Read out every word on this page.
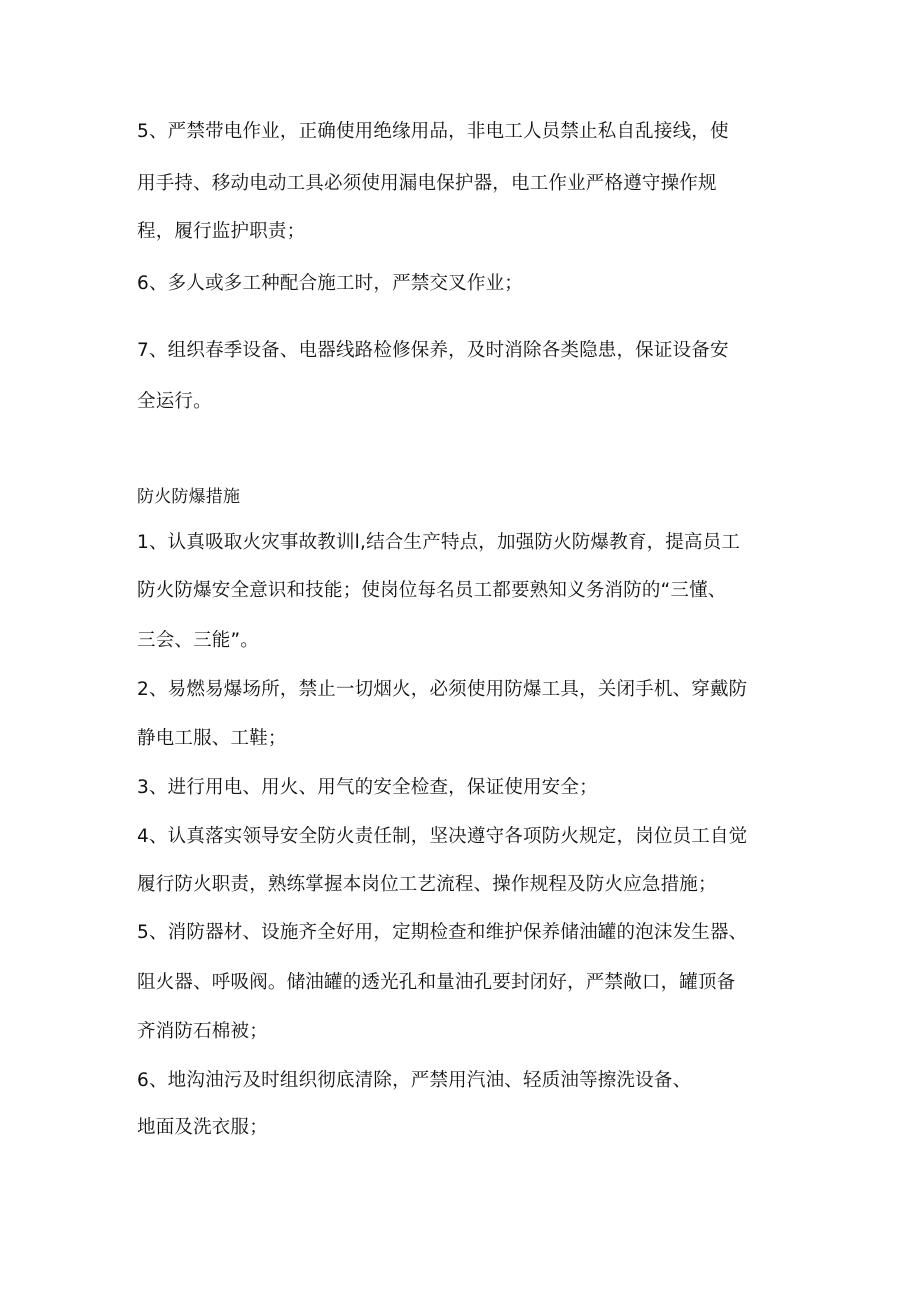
5、严禁带电作业，正确使用绝缘用品，非电工人员禁止私自乱接线，使
用手持、移动电动工具必须使用漏电保护器，电工作业严格遵守操作规
程，履行监护职责；
6、多人或多工种配合施工时，严禁交叉作业；
7、组织春季设备、电器线路检修保养，及时消除各类隐患，保证设备安
全运行。
防火防爆措施
1、认真吸取火灾事故教训l,结合生产特点，加强防火防爆教育，提高员工
防火防爆安全意识和技能；使岗位每名员工都要熟知义务消防的“三懂、
三会、三能”。
2、易燃易爆场所，禁止一切烟火，必须使用防爆工具，关闭手机、穿戴防
静电工服、工鞋；
3、进行用电、用火、用气的安全检查，保证使用安全；
4、认真落实领导安全防火责任制，坚决遵守各项防火规定，岗位员工自觉
履行防火职责，熟练掌握本岗位工艺流程、操作规程及防火应急措施；
5、消防器材、设施齐全好用，定期检查和维护保养储油罐的泡沫发生器、
阻火器、呼吸阀。储油罐的透光孔和量油孔要封闭好，严禁敞口，罐顶备
齐消防石棉被；
6、地沟油污及时组织彻底清除，严禁用汽油、轻质油等擦洗设备、
地面及洗衣服；
